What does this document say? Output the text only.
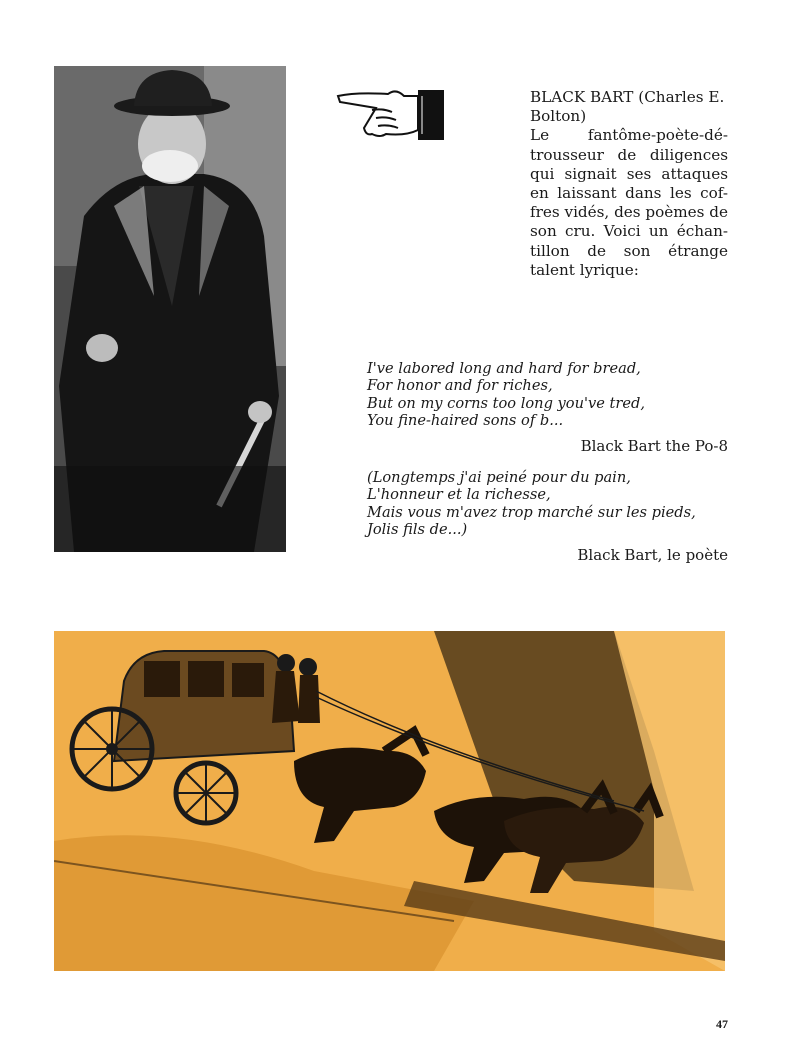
BLACK BART (Charles E. Bolton)
Le fantôme-poète-dé-trousseur de diligences qui signait ses attaques en laissant dans les cof-fres vidés, des poèmes de son cru. Voici un échan-tillon de son étrange talent lyrique:
I've labored long and hard for bread,
For honor and for riches,
But on my corns too long you've tred,
You fine-haired sons of b...
Black Bart the Po-8
(Longtemps j'ai peiné pour du pain,
L'honneur et la richesse,
Mais vous m'avez trop marché sur les pieds,
Jolis fils de...)
Black Bart, le poète
47
